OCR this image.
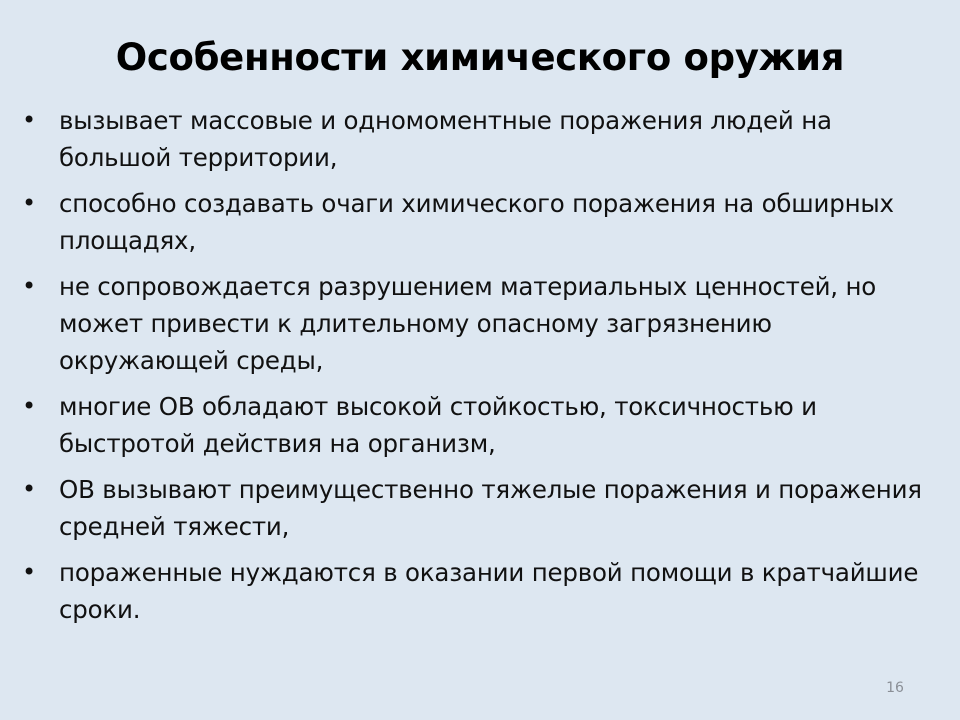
Особенности химического оружия
• вызывает массовые и одномоментные поражения людей на большой территории,
• способно создавать очаги химического поражения на обширных площадях,
• не сопровождается разрушением материальных ценностей, но может привести к длительному опасному загрязнению окружающей среды,
• многие ОВ обладают высокой стойкостью, токсичностью и быстротой действия на организм,
• ОВ вызывают преимущественно тяжелые поражения и поражения средней тяжести,
• пораженные нуждаются в оказании первой помощи в кратчайшие сроки.
16
